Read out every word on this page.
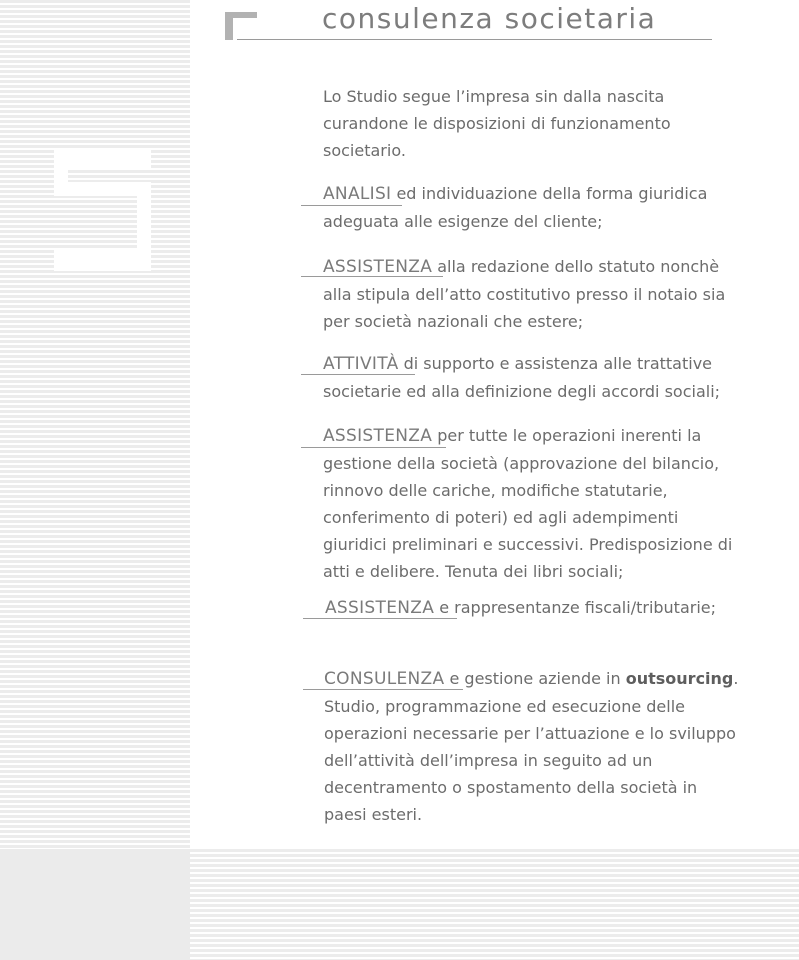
consulenza societaria

Lo Studio segue l’impresa sin dalla nascita curandone le disposizioni di funzionamento societario.

ANALISI ed individuazione della forma giuridica adeguata alle esigenze del cliente;

ASSISTENZA alla redazione dello statuto nonchè alla stipula dell’atto costitutivo presso il notaio sia per società nazionali che estere;

ATTIVITÀ di supporto e assistenza alle trattative societarie ed alla definizione degli accordi sociali;

ASSISTENZA per tutte le operazioni inerenti la gestione della società (approvazione del bilancio, rinnovo delle cariche, modifiche statutarie, conferimento di poteri) ed agli adempimenti giuridici preliminari e successivi. Predisposizione di atti e delibere. Tenuta dei libri sociali;

ASSISTENZA e rappresentanze fiscali/tributarie;

CONSULENZA e gestione aziende in outsourcing. Studio, programmazione ed esecuzione delle operazioni necessarie per l’attuazione e lo sviluppo dell’attività dell’impresa in seguito ad un decentramento o spostamento della società in paesi esteri.
